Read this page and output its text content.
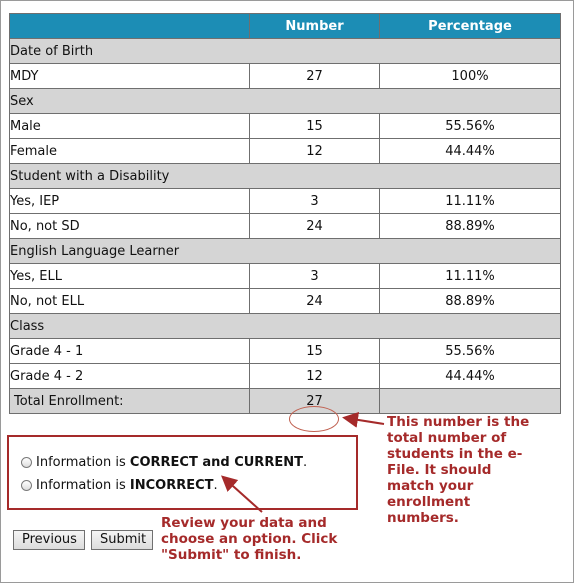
	Number	Percentage
Date of Birth		
MDY	27	100%
Sex		
Male	15	55.56%
Female	12	44.44%
Student with a Disability		
Yes, IEP	3	11.11%
No, not SD	24	88.89%
English Language Learner		
Yes, ELL	3	11.11%
No, not ELL	24	88.89%
Class		
Grade 4 - 1	15	55.56%
Grade 4 - 2	12	44.44%
Total Enrollment:	27	
Information is
CORRECT and CURRENT .
Information is
INCORRECT .
This number is the total number of students in the e-File. It should match your enrollment numbers.
Review your data and choose an option. Click "Submit" to finish.
Previous	Submit
